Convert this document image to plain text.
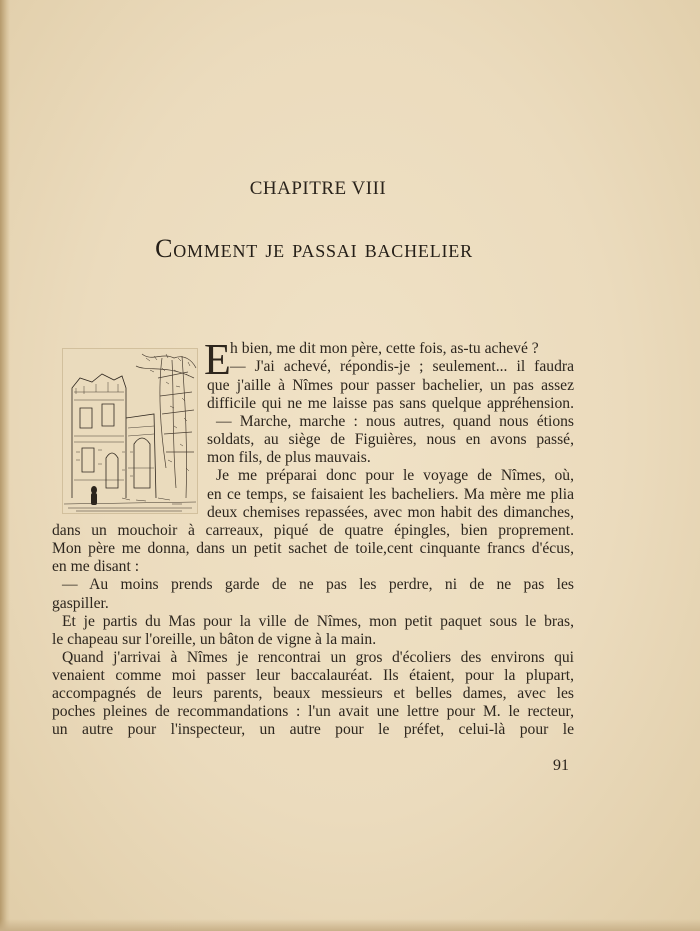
CHAPITRE VIII
Comment je passai bachelier
E h bien, me dit mon père, cette fois, as-tu achevé ?
— J'ai achevé, répondis-je ; seulement... il faudra
que j'aille à Nîmes pour passer bachelier, un pas assez
difficile qui ne me laisse pas sans quelque appréhension.
— Marche, marche : nous autres, quand nous étions
soldats, au siège de Figuières, nous en avons passé,
mon fils, de plus mauvais.
Je me préparai donc pour le voyage de Nîmes, où,
en ce temps, se faisaient les bacheliers. Ma mère me plia
deux chemises repassées, avec mon habit des dimanches,
dans un mouchoir à carreaux, piqué de quatre épingles, bien proprement.
Mon père me donna, dans un petit sachet de toile,cent cinquante francs d'écus,
en me disant :
— Au moins prends garde de ne pas les perdre, ni de ne pas les
gaspiller.
Et je partis du Mas pour la ville de Nîmes, mon petit paquet sous le bras,
le chapeau sur l'oreille, un bâton de vigne à la main.
Quand j'arrivai à Nîmes je rencontrai un gros d'écoliers des environs qui
venaient comme moi passer leur baccalauréat. Ils étaient, pour la plupart,
accompagnés de leurs parents, beaux messieurs et belles dames, avec les
poches pleines de recommandations : l'un avait une lettre pour M. le recteur,
un autre pour l'inspecteur, un autre pour le préfet, celui-là pour le
91
